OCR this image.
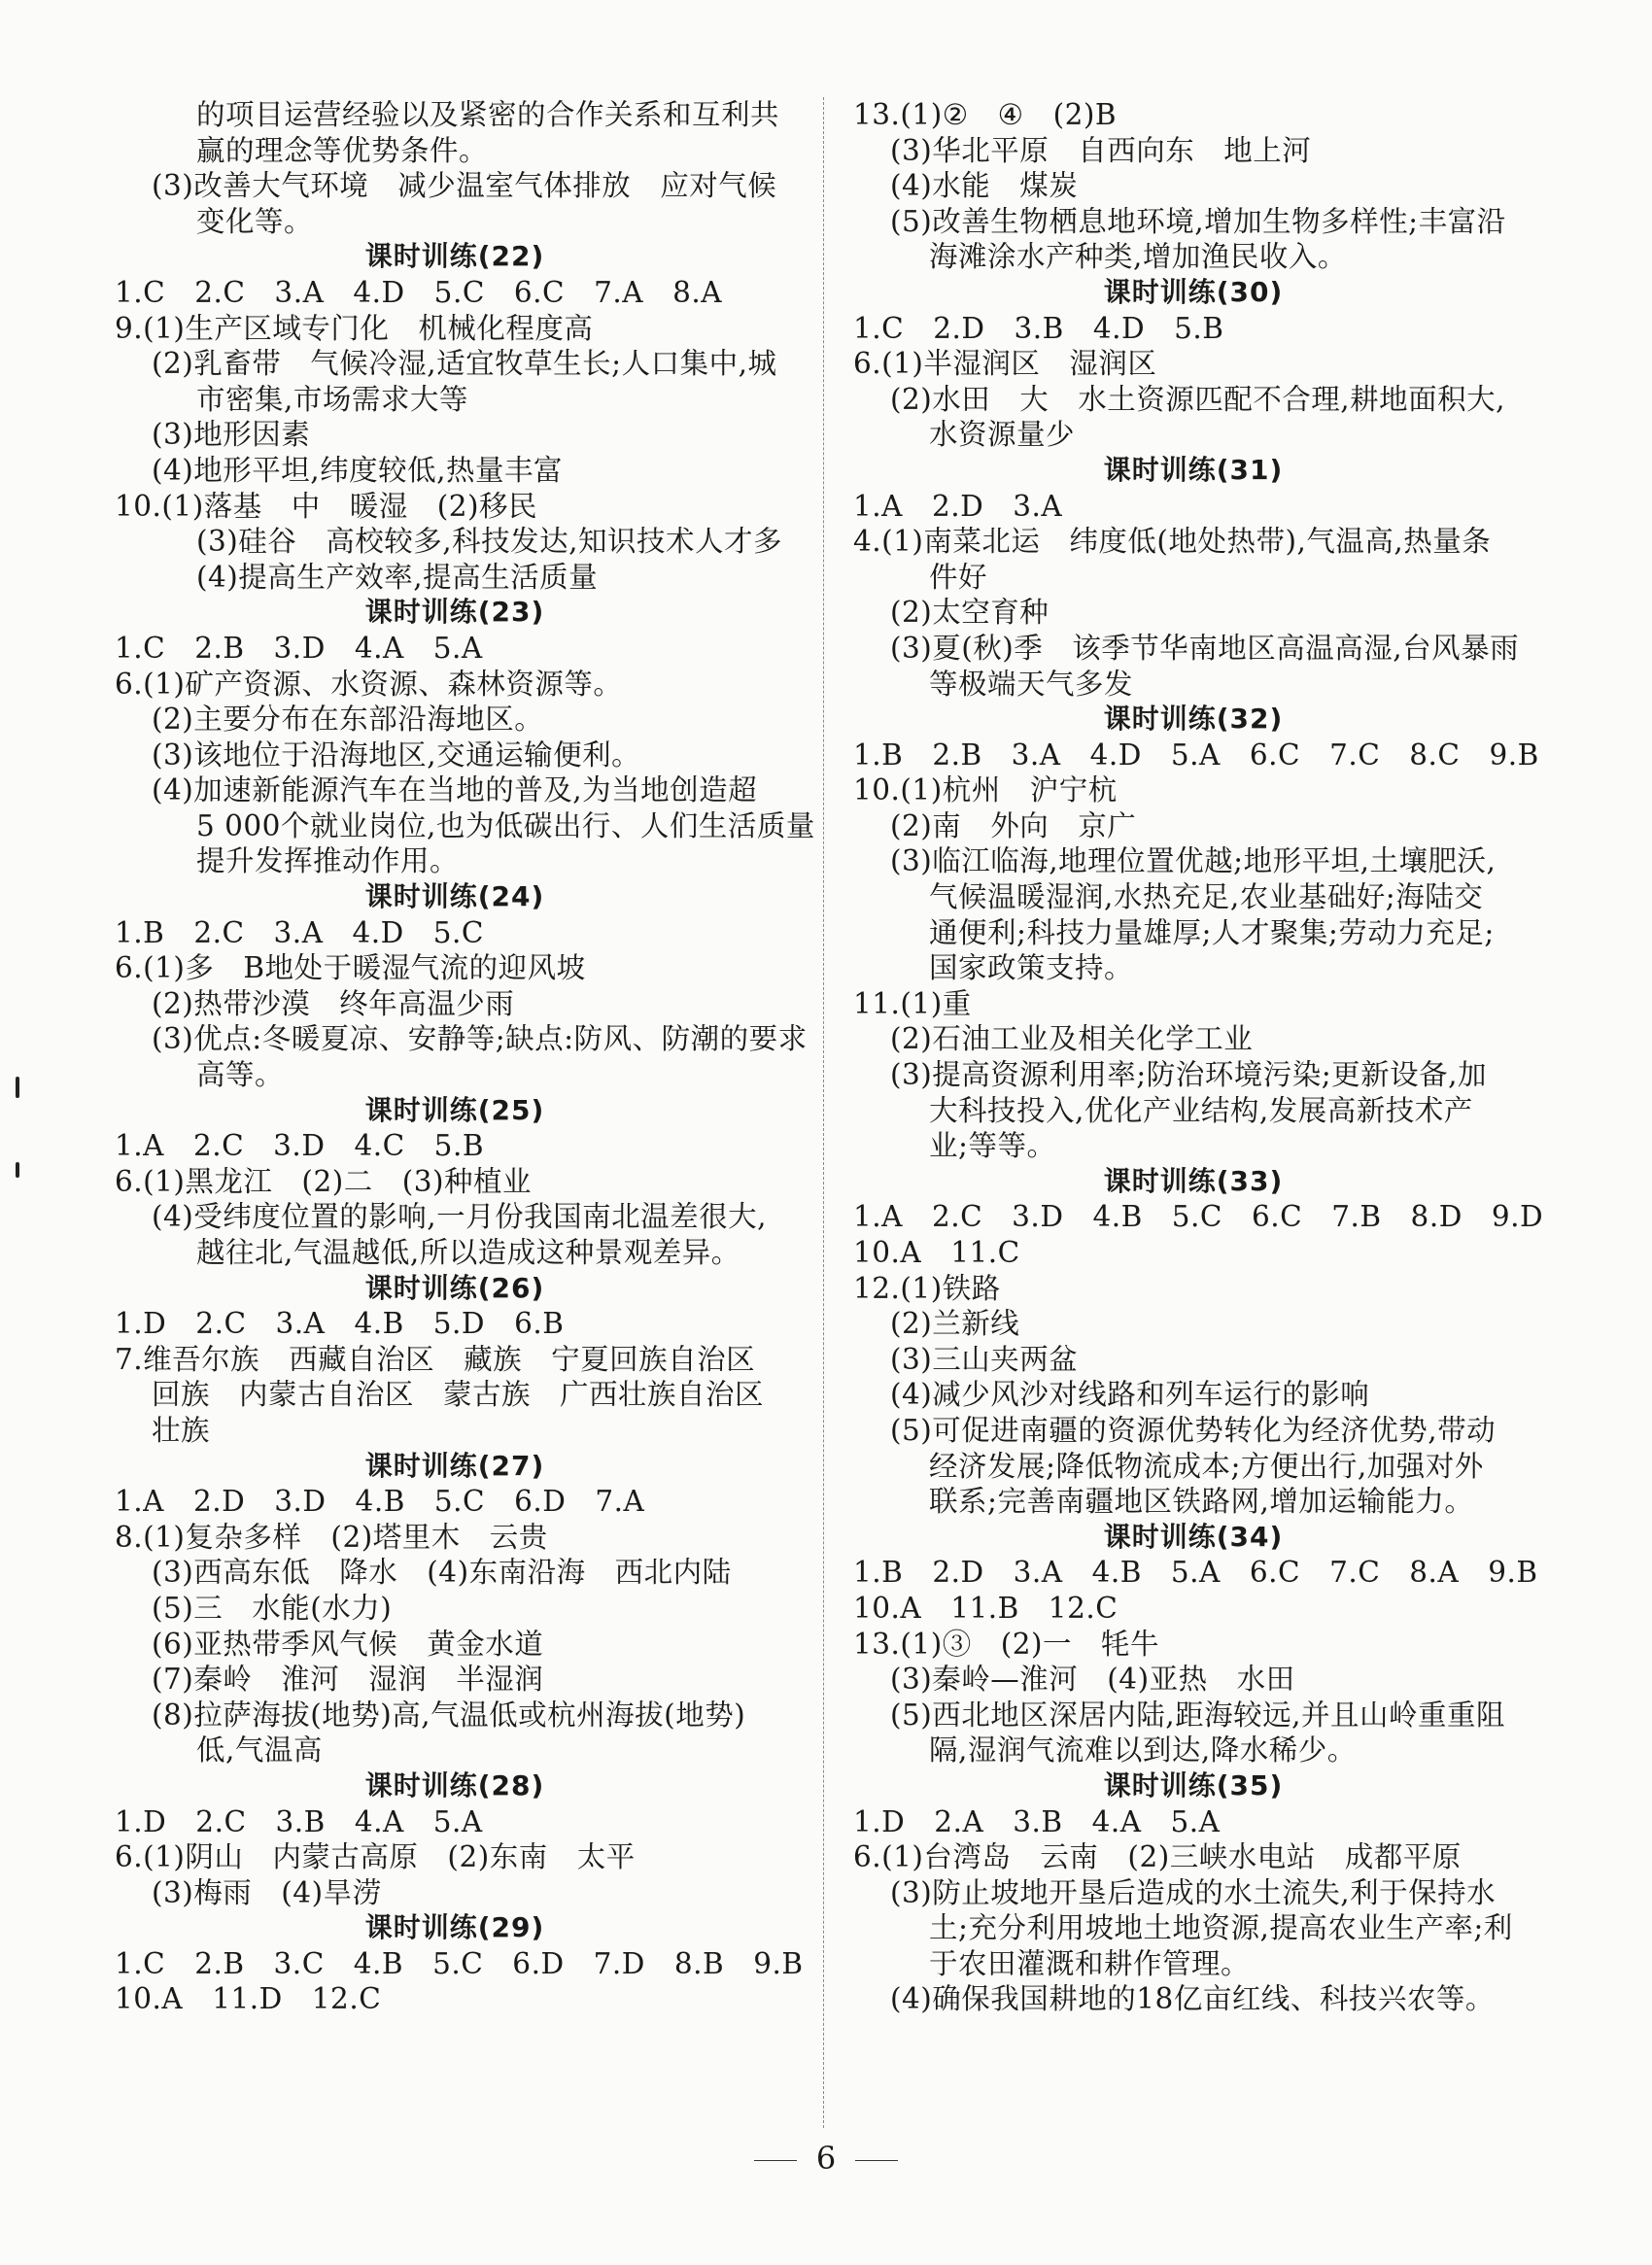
的项目运营经验以及紧密的合作关系和互利共
赢的理念等优势条件。
(3)改善大气环境　减少温室气体排放　应对气候
变化等。
课时训练(22)
1.C　2.C　3.A　4.D　5.C　6.C　7.A　8.A
9.(1)生产区域专门化　机械化程度高
(2)乳畜带　气候冷湿,适宜牧草生长;人口集中,城
市密集,市场需求大等
(3)地形因素
(4)地形平坦,纬度较低,热量丰富
10.(1)落基　中　暖湿　(2)移民
(3)硅谷　高校较多,科技发达,知识技术人才多
(4)提高生产效率,提高生活质量
课时训练(23)
1.C　2.B　3.D　4.A　5.A
6.(1)矿产资源、水资源、森林资源等。
(2)主要分布在东部沿海地区。
(3)该地位于沿海地区,交通运输便利。
(4)加速新能源汽车在当地的普及,为当地创造超
5 000个就业岗位,也为低碳出行、人们生活质量
提升发挥推动作用。
课时训练(24)
1.B　2.C　3.A　4.D　5.C
6.(1)多　B地处于暖湿气流的迎风坡
(2)热带沙漠　终年高温少雨
(3)优点:冬暖夏凉、安静等;缺点:防风、防潮的要求
高等。
课时训练(25)
1.A　2.C　3.D　4.C　5.B
6.(1)黑龙江　(2)二　(3)种植业
(4)受纬度位置的影响,一月份我国南北温差很大,
越往北,气温越低,所以造成这种景观差异。
课时训练(26)
1.D　2.C　3.A　4.B　5.D　6.B
7.维吾尔族　西藏自治区　藏族　宁夏回族自治区
回族　内蒙古自治区　蒙古族　广西壮族自治区
壮族
课时训练(27)
1.A　2.D　3.D　4.B　5.C　6.D　7.A
8.(1)复杂多样　(2)塔里木　云贵
(3)西高东低　降水　(4)东南沿海　西北内陆
(5)三　水能(水力)
(6)亚热带季风气候　黄金水道
(7)秦岭　淮河　湿润　半湿润
(8)拉萨海拔(地势)高,气温低或杭州海拔(地势)
低,气温高
课时训练(28)
1.D　2.C　3.B　4.A　5.A
6.(1)阴山　内蒙古高原　(2)东南　太平
(3)梅雨　(4)旱涝
课时训练(29)
1.C　2.B　3.C　4.B　5.C　6.D　7.D　8.B　9.B
10.A　11.D　12.C
13.(1)②　④　(2)B
(3)华北平原　自西向东　地上河
(4)水能　煤炭
(5)改善生物栖息地环境,增加生物多样性;丰富沿
海滩涂水产种类,增加渔民收入。
课时训练(30)
1.C　2.D　3.B　4.D　5.B
6.(1)半湿润区　湿润区
(2)水田　大　水土资源匹配不合理,耕地面积大,
水资源量少
课时训练(31)
1.A　2.D　3.A
4.(1)南菜北运　纬度低(地处热带),气温高,热量条
件好
(2)太空育种
(3)夏(秋)季　该季节华南地区高温高湿,台风暴雨
等极端天气多发
课时训练(32)
1.B　2.B　3.A　4.D　5.A　6.C　7.C　8.C　9.B
10.(1)杭州　沪宁杭
(2)南　外向　京广
(3)临江临海,地理位置优越;地形平坦,土壤肥沃,
气候温暖湿润,水热充足,农业基础好;海陆交
通便利;科技力量雄厚;人才聚集;劳动力充足;
国家政策支持。
11.(1)重
(2)石油工业及相关化学工业
(3)提高资源利用率;防治环境污染;更新设备,加
大科技投入,优化产业结构,发展高新技术产
业;等等。
课时训练(33)
1.A　2.C　3.D　4.B　5.C　6.C　7.B　8.D　9.D
10.A　11.C
12.(1)铁路
(2)兰新线
(3)三山夹两盆
(4)减少风沙对线路和列车运行的影响
(5)可促进南疆的资源优势转化为经济优势,带动
经济发展;降低物流成本;方便出行,加强对外
联系;完善南疆地区铁路网,增加运输能力。
课时训练(34)
1.B　2.D　3.A　4.B　5.A　6.C　7.C　8.A　9.B
10.A　11.B　12.C
13.(1)③　(2)一　牦牛
(3)秦岭—淮河　(4)亚热　水田
(5)西北地区深居内陆,距海较远,并且山岭重重阻
隔,湿润气流难以到达,降水稀少。
课时训练(35)
1.D　2.A　3.B　4.A　5.A
6.(1)台湾岛　云南　(2)三峡水电站　成都平原
(3)防止坡地开垦后造成的水土流失,利于保持水
土;充分利用坡地土地资源,提高农业生产率;利
于农田灌溉和耕作管理。
(4)确保我国耕地的18亿亩红线、科技兴农等。
6
